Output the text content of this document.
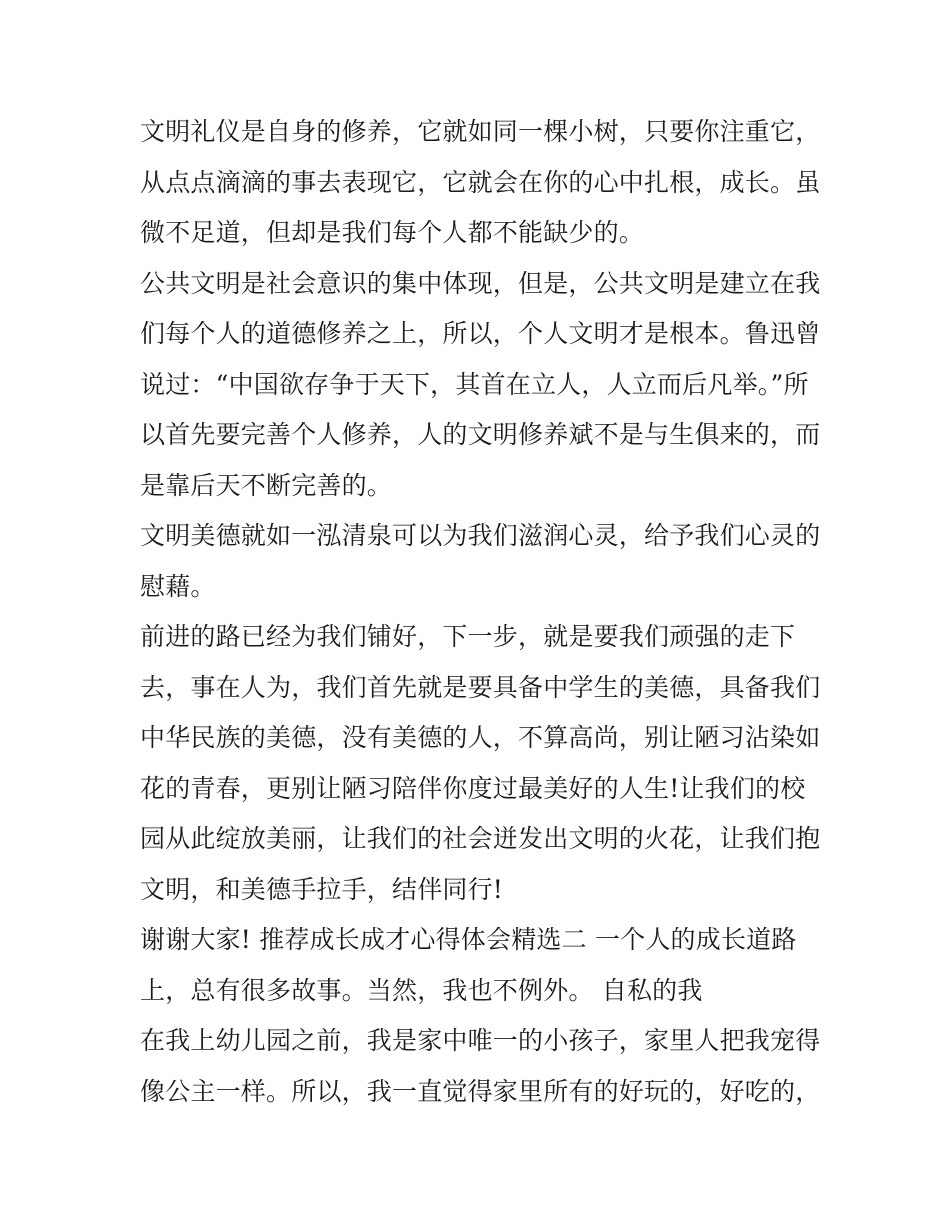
文明礼仪是自身的修养，它就如同一棵小树，只要你注重它，
从点点滴滴的事去表现它，它就会在你的心中扎根，成长。虽
微不足道，但却是我们每个人都不能缺少的。
公共文明是社会意识的集中体现，但是，公共文明是建立在我
们每个人的道德修养之上，所以，个人文明才是根本。鲁迅曾
说过：“中国欲存争于天下，其首在立人，人立而后凡举。”所
以首先要完善个人修养，人的文明修养斌不是与生俱来的，而
是靠后天不断完善的。
文明美德就如一泓清泉可以为我们滋润心灵，给予我们心灵的
慰藉。
前进的路已经为我们铺好，下一步，就是要我们顽强的走下
去，事在人为，我们首先就是要具备中学生的美德，具备我们
中华民族的美德，没有美德的人，不算高尚，别让陋习沾染如
花的青春，更别让陋习陪伴你度过最美好的人生!让我们的校
园从此绽放美丽，让我们的社会迸发出文明的火花，让我们抱
文明，和美德手拉手，结伴同行!
谢谢大家! 推荐成长成才心得体会精选二 一个人的成长道路
上，总有很多故事。当然，我也不例外。 自私的我
在我上幼儿园之前，我是家中唯一的小孩子，家里人把我宠得
像公主一样。所以，我一直觉得家里所有的好玩的，好吃的，
